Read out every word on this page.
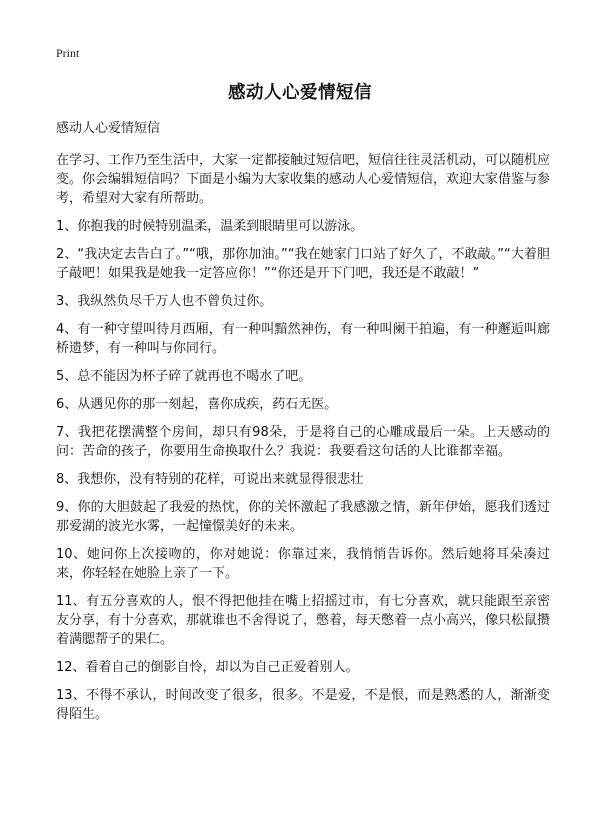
Print
感动人心爱情短信

感动人心爱情短信

在学习、工作乃至生活中，大家一定都接触过短信吧，短信往往灵活机动，可以随机应变。你会编辑短信吗？下面是小编为大家收集的感动人心爱情短信，欢迎大家借鉴与参考，希望对大家有所帮助。

1、你抱我的时候特别温柔，温柔到眼睛里可以游泳。

2、“我决定去告白了。”“哦，那你加油。”“我在她家门口站了好久了，不敢敲。”“大着胆子敲吧！如果我是她我一定答应你！”“你还是开下门吧，我还是不敢敲！”

3、我纵然负尽千万人也不曾负过你。

4、有一种守望叫待月西厢，有一种叫黯然神伤，有一种叫阑干拍遍，有一种邂逅叫廊桥遗梦，有一种叫与你同行。

5、总不能因为杯子碎了就再也不喝水了吧。

6、从遇见你的那一刻起，喜你成疾，药石无医。

7、我把花摆满整个房间，却只有98朵，于是将自己的心雕成最后一朵。上天感动的问：苦命的孩子，你要用生命换取什么？我说：我要看这句话的人比谁都幸福。

8、我想你，没有特别的花样，可说出来就显得很悲壮

9、你的大胆鼓起了我爱的热忱，你的关怀激起了我感激之情，新年伊始，愿我们透过那爱湖的波光水雾，一起憧憬美好的未来。

10、她问你上次接吻的，你对她说：你靠过来，我悄悄告诉你。然后她将耳朵凑过来，你轻轻在她脸上亲了一下。

11、有五分喜欢的人，恨不得把他挂在嘴上招摇过市，有七分喜欢，就只能跟至亲密友分享，有十分喜欢，那就谁也不舍得说了，憋着，每天憋着一点小高兴，像只松鼠攒着满腮帮子的果仁。

12、看着自己的倒影自怜，却以为自己正爱着别人。

13、不得不承认，时间改变了很多，很多。不是爱，不是恨，而是熟悉的人，渐渐变得陌生。
